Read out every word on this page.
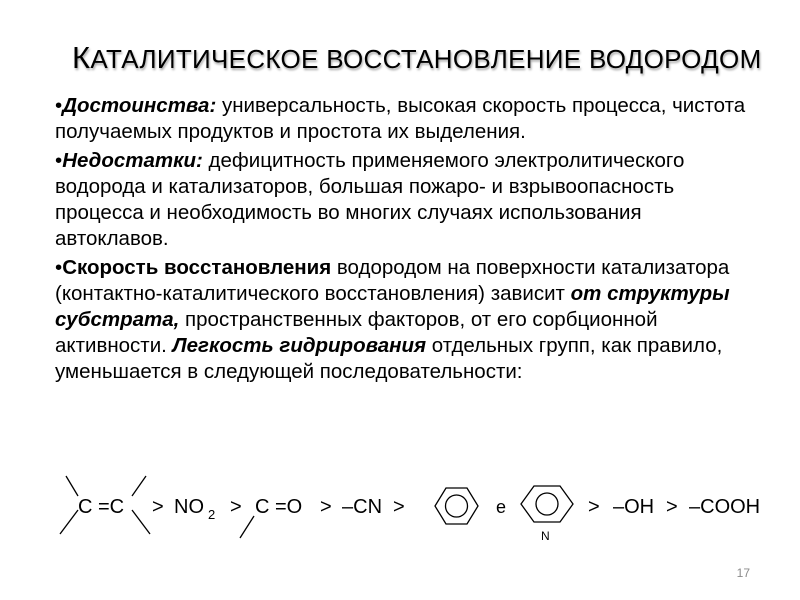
КАТАЛИТИЧЕСКОЕ ВОССТАНОВЛЕНИЕ ВОДОРОДОМ

• Достоинства: универсальность, высокая скорость процесса, чистота получаемых продуктов и простота их выделения.

• Недостатки: дефицитность применяемого электролитического водорода и катализаторов, большая пожаро- и взрывоопасность процесса и необходимость во многих случаях использования автоклавов.

• Скорость восстановления водородом на поверхности катализатора (контактно-каталитического восстановления) зависит от структуры субстрата, пространственных факторов, от его сорбционной активности. Легкость гидрирования отдельных групп, как правило, уменьшается в следующей последовательности:

C =C > NO 2 > C =O > –CN >	e
N
> –OH > –COOH
17
